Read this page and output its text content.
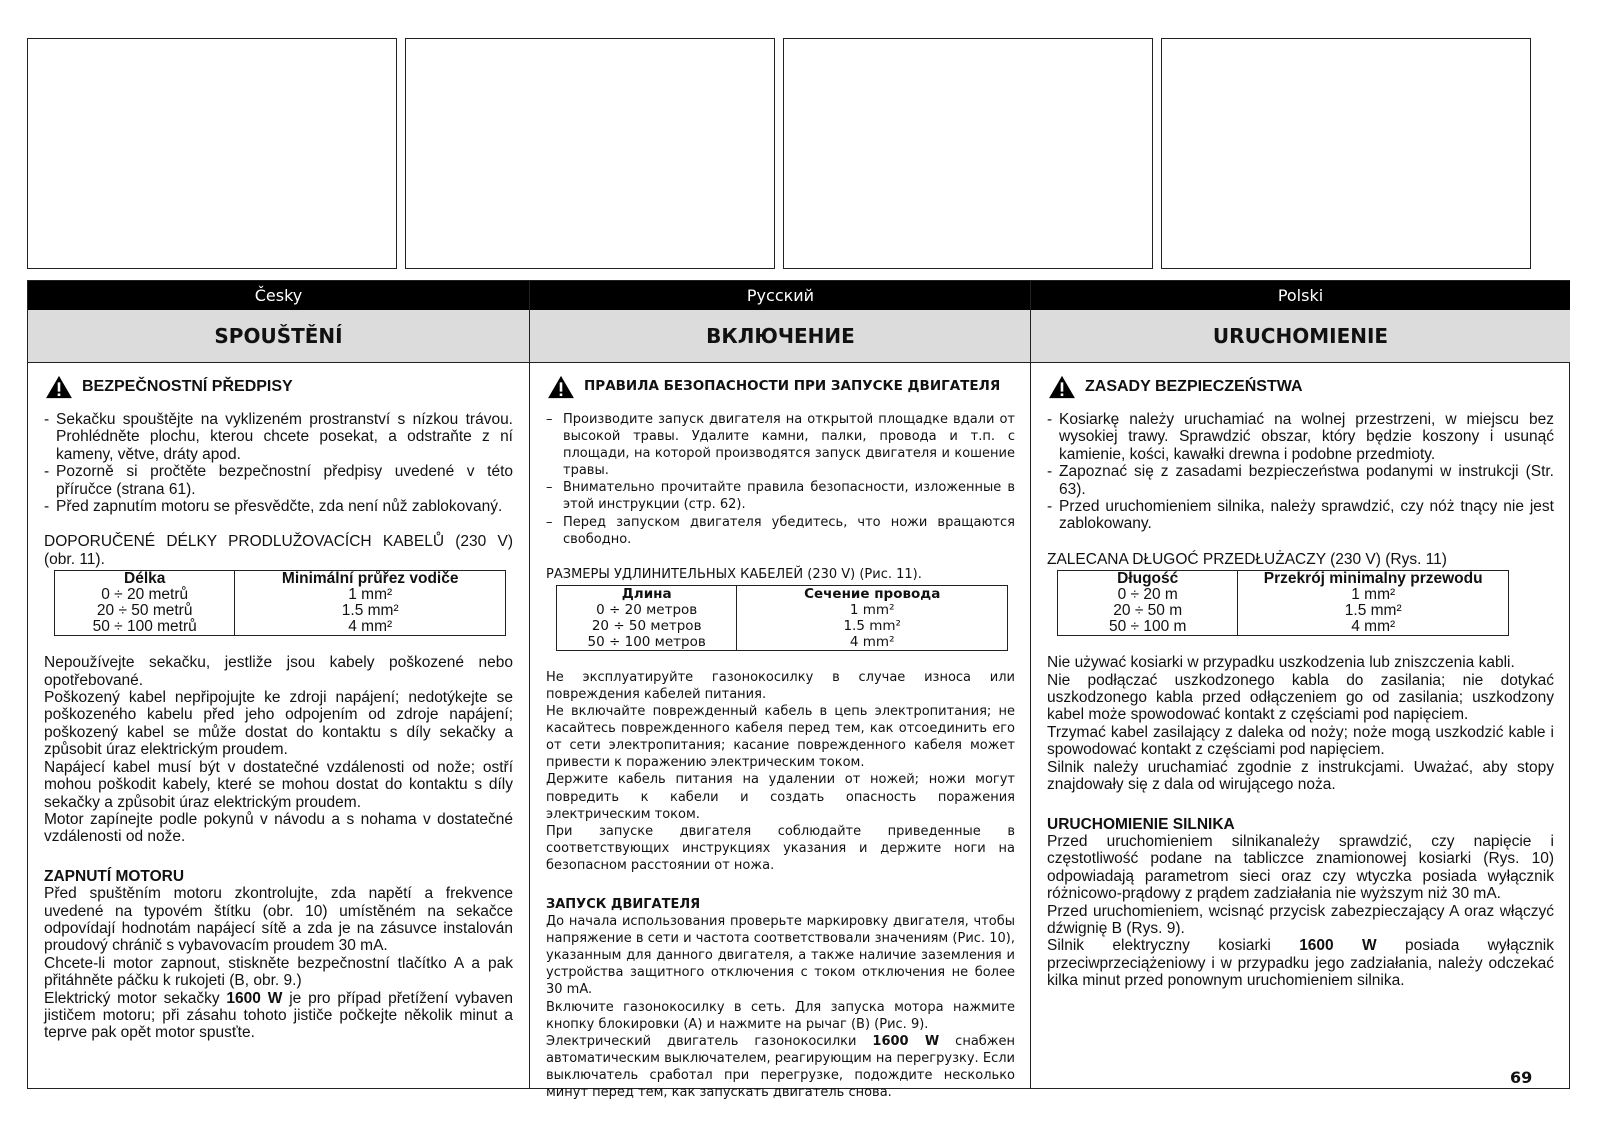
Česky
SPOUŠTĚNÍ
BEZPEČNOSTNÍ PŘEDPISY
- Sekačku spouštějte na vyklizeném prostranství s nízkou trávou. Prohlédněte plochu, kterou chcete posekat, a odstraňte z ní kameny, větve, dráty apod.
- Pozorně si pročtěte bezpečnostní předpisy uvedené v této příručce (strana 61).
- Před zapnutím motoru se přesvědčte, zda není nůž zablokovaný.

DOPORUČENÉ DÉLKY PRODLUŽOVACÍCH KABELŮ (230 V) (obr. 11).

Délka	Minimální průřez vodiče
0 ÷ 20 metrů	1 mm²
20 ÷ 50 metrů	1.5 mm²
50 ÷ 100 metrů	4 mm²

Nepoužívejte sekačku, jestliže jsou kabely poškozené nebo opotřebované.

Poškozený kabel nepřipojujte ke zdroji napájení; nedotýkejte se poškozeného kabelu před jeho odpojením od zdroje napájení; poškozený kabel se může dostat do kontaktu s díly sekačky a způsobit úraz elektrickým proudem.

Napájecí kabel musí být v dostatečné vzdálenosti od nože; ostří mohou poškodit kabely, které se mohou dostat do kontaktu s díly sekačky a způsobit úraz elektrickým proudem.

Motor zapínejte podle pokynů v návodu a s nohama v dostatečné vzdálenosti od nože.

ZAPNUTÍ MOTORU

Před spuštěním motoru zkontrolujte, zda napětí a frekvence uvedené na typovém štítku (obr. 10) umístěném na sekačce odpovídají hodnotám napájecí sítě a zda je na zásuvce instalován proudový chránič s vybavovacím proudem 30 mA.

Chcete-li motor zapnout, stiskněte bezpečnostní tlačítko A a pak přitáhněte páčku k rukojeti (B, obr. 9.)

Elektrický motor sekačky 1600 W je pro případ přetížení vybaven jističem motoru; při zásahu tohoto jističe počkejte několik minut a teprve pak opět motor spusťte.

Русский
ВКЛЮЧЕНИЕ
ПРАВИЛА БЕЗОПАСНОСТИ ПРИ ЗАПУСКЕ ДВИГАТЕЛЯ
– Производите запуск двигателя на открытой площадке вдали от высокой травы. Удалите камни, палки, провода и т.п. с площади, на которой производятся запуск двигателя и кошение травы.
– Внимательно прочитайте правила безопасности, изложенные в этой инструкции (стр. 62).
– Перед запуском двигателя убедитесь, что ножи вращаются свободно.

РАЗМЕРЫ УДЛИНИТЕЛЬНЫХ КАБЕЛЕЙ (230 V) (Рис. 11).

Длина	Сечение провода
0 ÷ 20 метров	1 mm²
20 ÷ 50 метров	1.5 mm²
50 ÷ 100 метров	4 mm²

Не эксплуатируйте газонокосилку в случае износа или повреждения кабелей питания.

Не включайте поврежденный кабель в цепь электропитания; не касайтесь поврежденного кабеля перед тем, как отсоединить его от сети электропитания; касание поврежденного кабеля может привести к поражению электрическим током.

Держите кабель питания на удалении от ножей; ножи могут повредить к кабели и создать опасность поражения электрическим током.

При запуске двигателя соблюдайте приведенные в соответствующих инструкциях указания и держите ноги на безопасном расстоянии от ножа.

ЗАПУСК ДВИГАТЕЛЯ

До начала использования проверьте маркировку двигателя, чтобы напряжение в сети и частота соответствовали значениям (Рис. 10), указанным для данного двигателя, а также наличие заземления и устройства защитного отключения с током отключения не более 30 mA.

Включите газонокосилку в сеть. Для запуска мотора нажмите кнопку блокировки (A) и нажмите на рычаг (B) (Рис. 9).

Электрический двигатель газонокосилки 1600 W снабжен автоматическим выключателем, реагирующим на перегрузку. Если выключатель сработал при перегрузке, подождите несколько минут перед тем, как запускать двигатель снова.

Polski
URUCHOMIENIE
ZASADY BEZPIECZEŃSTWA
- Kosiarkę należy uruchamiać na wolnej przestrzeni, w miejscu bez wysokiej trawy. Sprawdzić obszar, który będzie koszony i usunąć kamienie, kości, kawałki drewna i podobne przedmioty.
- Zapoznać się z zasadami bezpieczeństwa podanymi w instrukcji (Str. 63).
- Przed uruchomieniem silnika, należy sprawdzić, czy nóż tnący nie jest zablokowany.

ZALECANA DŁUGOĆ PRZEDŁUŻACZY (230 V) (Rys. 11)

Długość	Przekrój minimalny przewodu
0 ÷ 20 m	1 mm²
20 ÷ 50 m	1.5 mm²
50 ÷ 100 m	4 mm²

Nie używać kosiarki w przypadku uszkodzenia lub zniszczenia kabli.

Nie podłączać uszkodzonego kabla do zasilania; nie dotykać uszkodzonego kabla przed odłączeniem go od zasilania; uszkodzony kabel może spowodować kontakt z częściami pod napięciem.

Trzymać kabel zasilający z daleka od noży; noże mogą uszkodzić kable i spowodować kontakt z częściami pod napięciem.

Silnik należy uruchamiać zgodnie z instrukcjami. Uważać, aby stopy znajdowały się z dala od wirującego noża.

URUCHOMIENIE SILNIKA

Przed uruchomieniem silnikanależy sprawdzić, czy napięcie i częstotliwość podane na tabliczce znamionowej kosiarki (Rys. 10) odpowiadają parametrom sieci oraz czy wtyczka posiada wyłącznik różnicowo-prądowy z prądem zadziałania nie wyższym niż 30 mA.

Przed uruchomieniem, wcisnąć przycisk zabezpieczający A oraz włączyć dźwignię B (Rys. 9).

Silnik elektryczny kosiarki 1600 W posiada wyłącznik przeciwprzeciążeniowy i w przypadku jego zadziałania, należy odczekać kilka minut przed ponownym uruchomieniem silnika.

69
